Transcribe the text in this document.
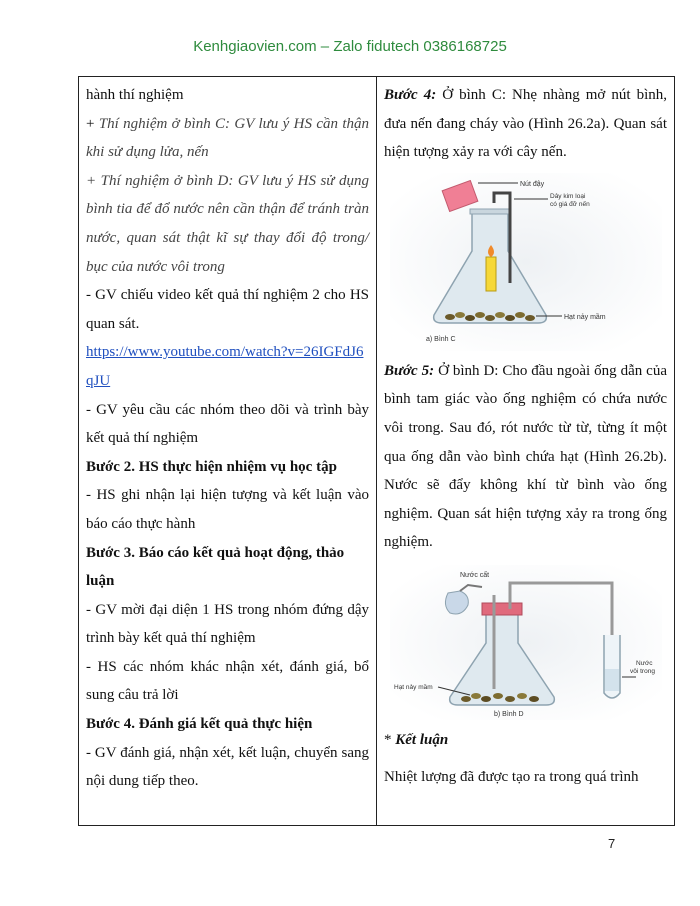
Kenhgiaovien.com – Zalo fidutech 0386168725

hành thí nghiệm

+ Thí nghiệm ở bình C: GV lưu ý HS cần thận khi sử dụng lửa, nến

+ Thí nghiệm ở bình D: GV lưu ý HS sử dụng bình tia để đổ nước nên cần thận để tránh tràn nước, quan sát thật kĩ sự thay đổi độ trong/ bục của nước vôi trong

- GV chiếu video kết quả thí nghiệm 2 cho HS quan sát.

https://www.youtube.com/watch?v=26IGFdJ6qJU

- GV yêu cầu các nhóm theo dõi và trình bày kết quả thí nghiệm

Bước 2. HS thực hiện nhiệm vụ học tập

- HS ghi nhận lại hiện tượng và kết luận vào báo cáo thực hành

Bước 3. Báo cáo kết quả hoạt động, thảo luận

- GV mời đại diện 1 HS trong nhóm đứng dậy trình bày kết quả thí nghiệm

- HS các nhóm khác nhận xét, đánh giá, bổ sung câu trả lời

Bước 4. Đánh giá kết quả thực hiện

- GV đánh giá, nhận xét, kết luận, chuyển sang nội dung tiếp theo.

Bước 4: Ở bình C: Nhẹ nhàng mở nút bình, đưa nến đang cháy vào (Hình 26.2a). Quan sát hiện tượng xảy ra với cây nến.

Nút đậy
Dây kim loại
có giá đỡ nến
Hạt nảy mầm
a) Bình C

Bước 5: Ở bình D: Cho đầu ngoài ống dẫn của bình tam giác vào ống nghiệm có chứa nước vôi trong. Sau đó, rót nước từ từ, từng ít một qua ống dẫn vào bình chứa hạt (Hình 26.2b). Nước sẽ đẩy không khí từ bình vào ống nghiệm. Quan sát hiện tượng xảy ra trong ống nghiệm.

Nước cất
Nước
vôi trong
Hạt nảy mầm
b) Bình D

* Kết luận

Nhiệt lượng đã được tạo ra trong quá trình

7
